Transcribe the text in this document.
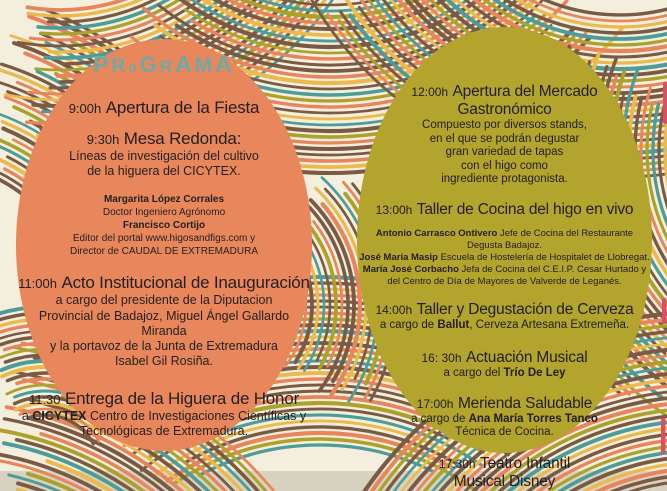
PRoGRAMA
9:00h Apertura de la Fiesta
9:30h Mesa Redonda:
Líneas de investigación del cultivo
de la higuera del CICYTEX.
Margarita López Corrales
Doctor Ingeniero Agrónomo
Francisco Cortijo
Editor del portal www.higosandfigs.com y
Director de CAUDAL DE EXTREMADURA
11:00h Acto Institucional de Inauguración
a cargo del presidente de la Diputacion
Provincial de Badajoz, Miguel Ángel Gallardo Miranda
y la portavoz de la Junta de Extremadura
Isabel Gil Rosiña.
11:30 Entrega de la Higuera de Honor
a CICYTEX Centro de Investigaciones Científicas y
Tecnológicas de Extremadura.
12:00h Apertura del Mercado
Gastronómico
Compuesto por diversos stands,
en el que se podrán degustar
gran variedad de tapas
con el higo como
ingrediente protagonista.
13:00h Taller de Cocina del higo en vivo
Antonio Carrasco Ontivero Jefe de Cocina del Restaurante Degusta Badajoz.
José María Masip Escuela de Hostelería de Hospitalet de Llobregat.
María José Corbacho Jefa de Cocina del C.E.I.P. Cesar Hurtado y
del Centro de Día de Mayores de Valverde de Leganés.
14:00h Taller y Degustación de Cerveza
a cargo de Ballut, Cerveza Artesana Extremeña.
16: 30h Actuación Musical
a cargo del Trío De Ley
17:00h Merienda Saludable
a cargo de Ana María Torres Tanco
Técnica de Cocina.
17:30h Teatro Infantil
Musical Disney
